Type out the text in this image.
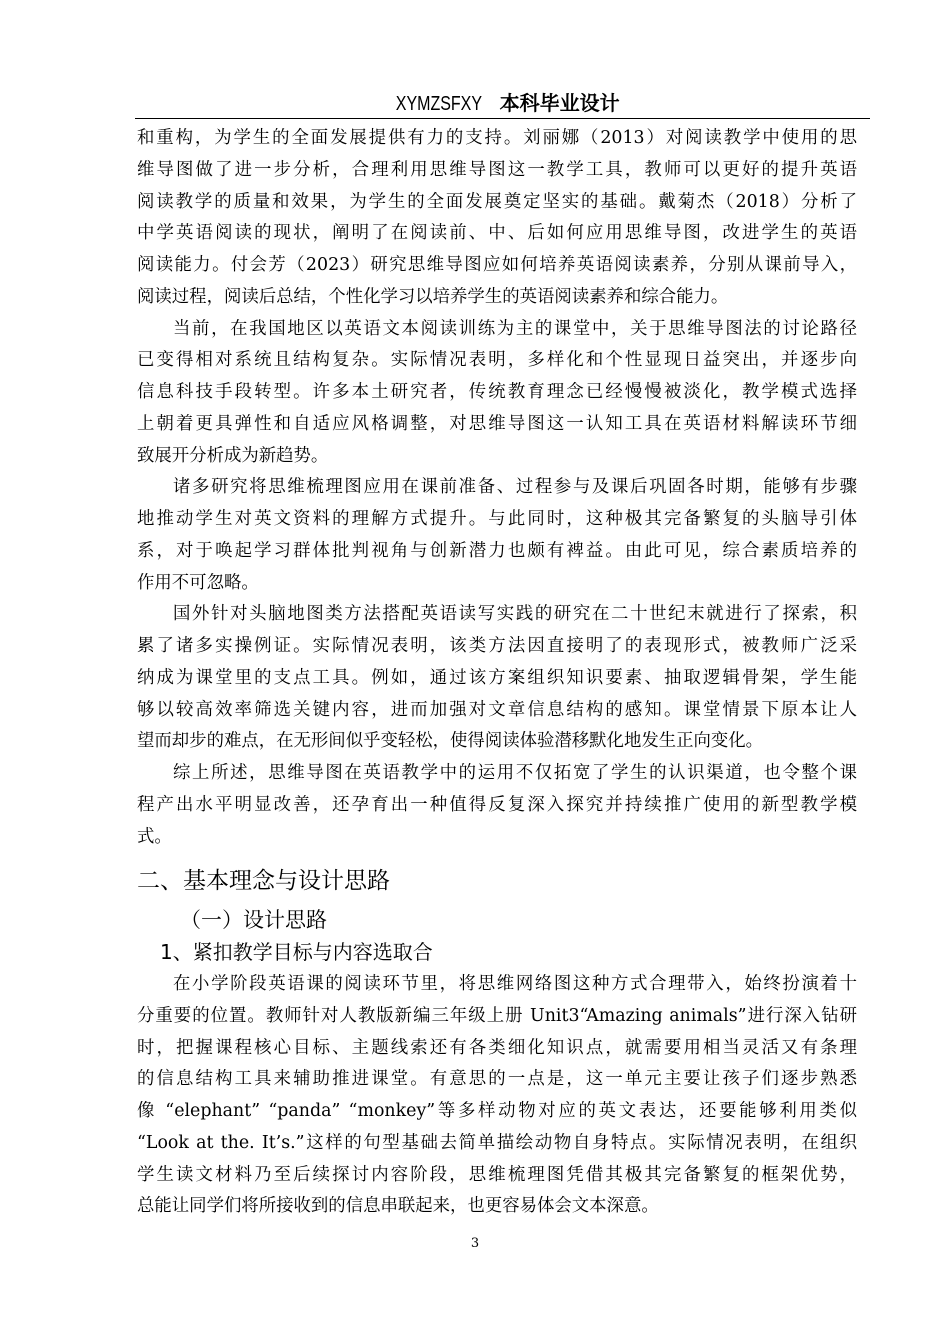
XYMZSFXY 本科毕业设计
和重构，为学生的全面发展提供有力的支持。刘丽娜（2013）对阅读教学中使用的思
维导图做了进一步分析，合理利用思维导图这一教学工具，教师可以更好的提升英语
阅读教学的质量和效果，为学生的全面发展奠定坚实的基础。戴菊杰（2018）分析了
中学英语阅读的现状，阐明了在阅读前、中、后如何应用思维导图，改进学生的英语
阅读能力。付会芳（2023）研究思维导图应如何培养英语阅读素养，分别从课前导入，
阅读过程，阅读后总结，个性化学习以培养学生的英语阅读素养和综合能力。
当前，在我国地区以英语文本阅读训练为主的课堂中，关于思维导图法的讨论路径
已变得相对系统且结构复杂。实际情况表明，多样化和个性显现日益突出，并逐步向
信息科技手段转型。许多本土研究者，传统教育理念已经慢慢被淡化，教学模式选择
上朝着更具弹性和自适应风格调整，对思维导图这一认知工具在英语材料解读环节细
致展开分析成为新趋势。
诸多研究将思维梳理图应用在课前准备、过程参与及课后巩固各时期，能够有步骤
地推动学生对英文资料的理解方式提升。与此同时，这种极其完备繁复的头脑导引体
系，对于唤起学习群体批判视角与创新潜力也颇有裨益。由此可见，综合素质培养的
作用不可忽略。
国外针对头脑地图类方法搭配英语读写实践的研究在二十世纪末就进行了探索，积
累了诸多实操例证。实际情况表明，该类方法因直接明了的表现形式，被教师广泛采
纳成为课堂里的支点工具。例如，通过该方案组织知识要素、抽取逻辑骨架，学生能
够以较高效率筛选关键内容，进而加强对文章信息结构的感知。课堂情景下原本让人
望而却步的难点，在无形间似乎变轻松，使得阅读体验潜移默化地发生正向变化。
综上所述，思维导图在英语教学中的运用不仅拓宽了学生的认识渠道，也令整个课
程产出水平明显改善，还孕育出一种值得反复深入探究并持续推广使用的新型教学模
式。
在小学阶段英语课的阅读环节里，将思维网络图这种方式合理带入，始终扮演着十
分重要的位置。教师针对人教版新编三年级上册 Unit3“Amazing animals”进行深入钻研
时，把握课程核心目标、主题线索还有各类细化知识点，就需要用相当灵活又有条理
的信息结构工具来辅助推进课堂。有意思的一点是，这一单元主要让孩子们逐步熟悉
像 “elephant” “panda” “monkey”等多样动物对应的英文表达，还要能够利用类似
“Look at the. It’s.”这样的句型基础去简单描绘动物自身特点。实际情况表明，在组织
学生读文材料乃至后续探讨内容阶段，思维梳理图凭借其极其完备繁复的框架优势，
总能让同学们将所接收到的信息串联起来，也更容易体会文本深意。
二、基本理念与设计思路
（一）设计思路
1、紧扣教学目标与内容选取合
3
